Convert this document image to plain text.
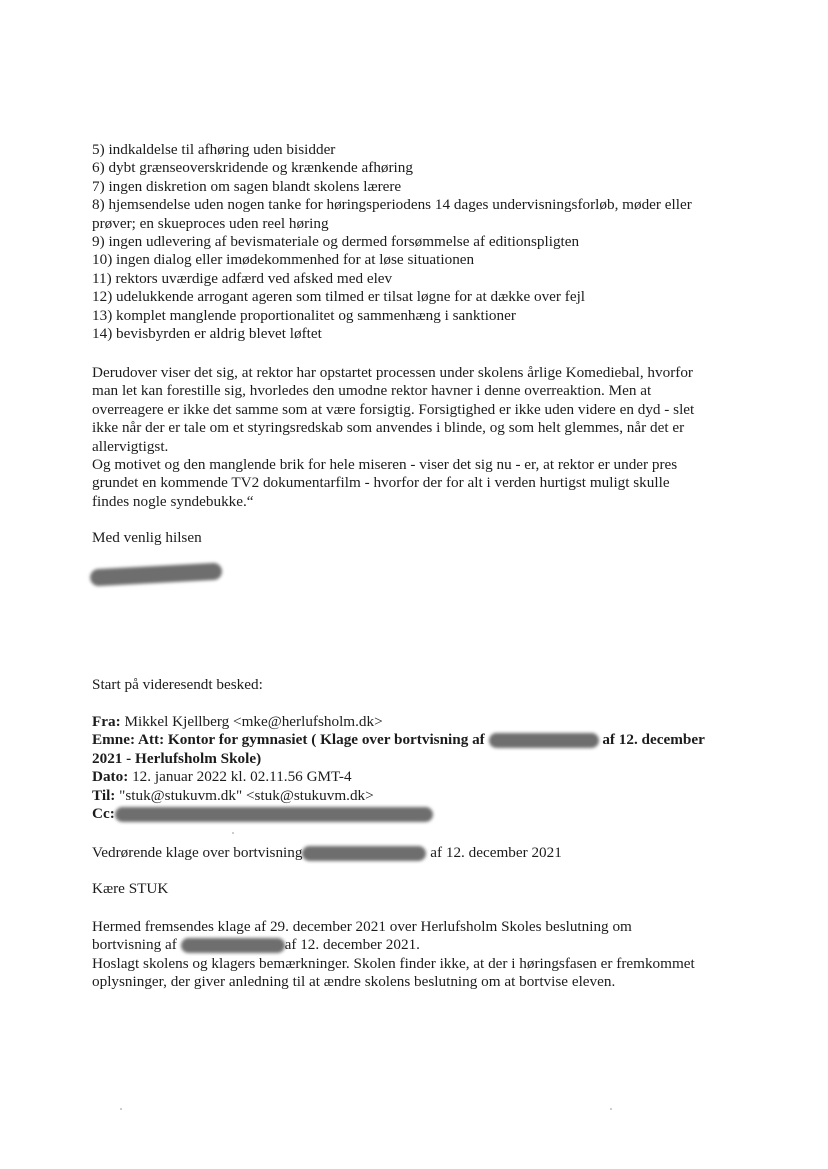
5) indkaldelse til afhøring uden bisidder
6) dybt grænseoverskridende og krænkende afhøring
7) ingen diskretion om sagen blandt skolens lærere
8) hjemsendelse uden nogen tanke for høringsperiodens 14 dages undervisningsforløb, møder eller
prøver; en skueproces uden reel høring
9) ingen udlevering af bevismateriale og dermed forsømmelse af editionspligten
10) ingen dialog eller imødekommenhed for at løse situationen
11) rektors uværdige adfærd ved afsked med elev
12) udelukkende arrogant ageren som tilmed er tilsat løgne for at dække over fejl
13) komplet manglende proportionalitet og sammenhæng i sanktioner
14) bevisbyrden er aldrig blevet løftet
Derudover viser det sig, at rektor har opstartet processen under skolens årlige Komediebal, hvorfor
man let kan forestille sig, hvorledes den umodne rektor havner i denne overreaktion. Men at
overreagere er ikke det samme som at være forsigtig. Forsigtighed er ikke uden videre en dyd - slet
ikke når der er tale om et styringsredskab som anvendes i blinde, og som helt glemmes, når det er
allervigtigst.
Og motivet og den manglende brik for hele miseren - viser det sig nu - er, at rektor er under pres
grundet en kommende TV2 dokumentarfilm - hvorfor der for alt i verden hurtigst muligt skulle
findes nogle syndebukke.“
Med venlig hilsen
Start på videresendt besked:
Fra: Mikkel Kjellberg <mke@herlufsholm.dk>
Emne: Att: Kontor for gymnasiet ( Klage over bortvisning af	af 12. december
2021 - Herlufsholm Skole)
Dato: 12. januar 2022 kl. 02.11.56 GMT-4
Til: "stuk@stukuvm.dk" <stuk@stukuvm.dk>
Cc:
Vedrørende klage over bortvisning	af 12. december 2021
Kære STUK
Hermed fremsendes klage af 29. december 2021 over Herlufsholm Skoles beslutning om
bortvisning af	af 12. december 2021.
Hoslagt skolens og klagers bemærkninger. Skolen finder ikke, at der i høringsfasen er fremkommet
oplysninger, der giver anledning til at ændre skolens beslutning om at bortvise eleven.
